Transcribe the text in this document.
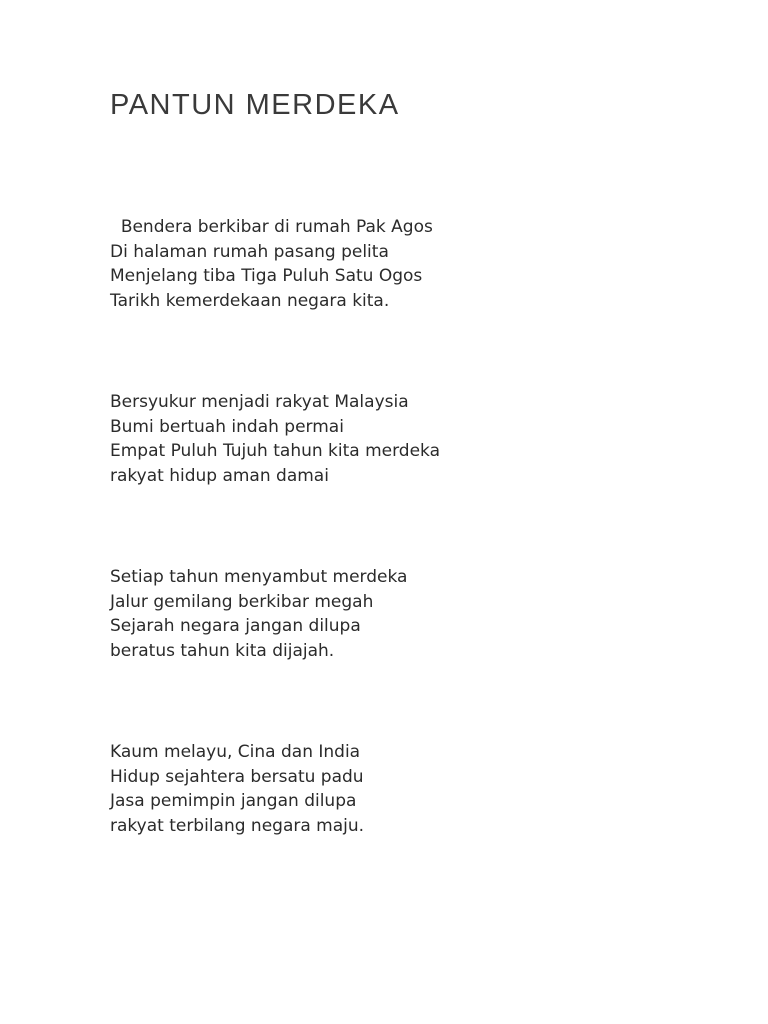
PANTUN MERDEKA
Bendera berkibar di rumah Pak Agos
Di halaman rumah pasang pelita
Menjelang tiba Tiga Puluh Satu Ogos
Tarikh kemerdekaan negara kita.
Bersyukur menjadi rakyat Malaysia
Bumi bertuah indah permai
Empat Puluh Tujuh tahun kita merdeka
rakyat hidup aman damai
Setiap tahun menyambut merdeka
Jalur gemilang berkibar megah
Sejarah negara jangan dilupa
beratus tahun kita dijajah.
Kaum melayu, Cina dan India
Hidup sejahtera bersatu padu
Jasa pemimpin jangan dilupa
rakyat terbilang negara maju.
